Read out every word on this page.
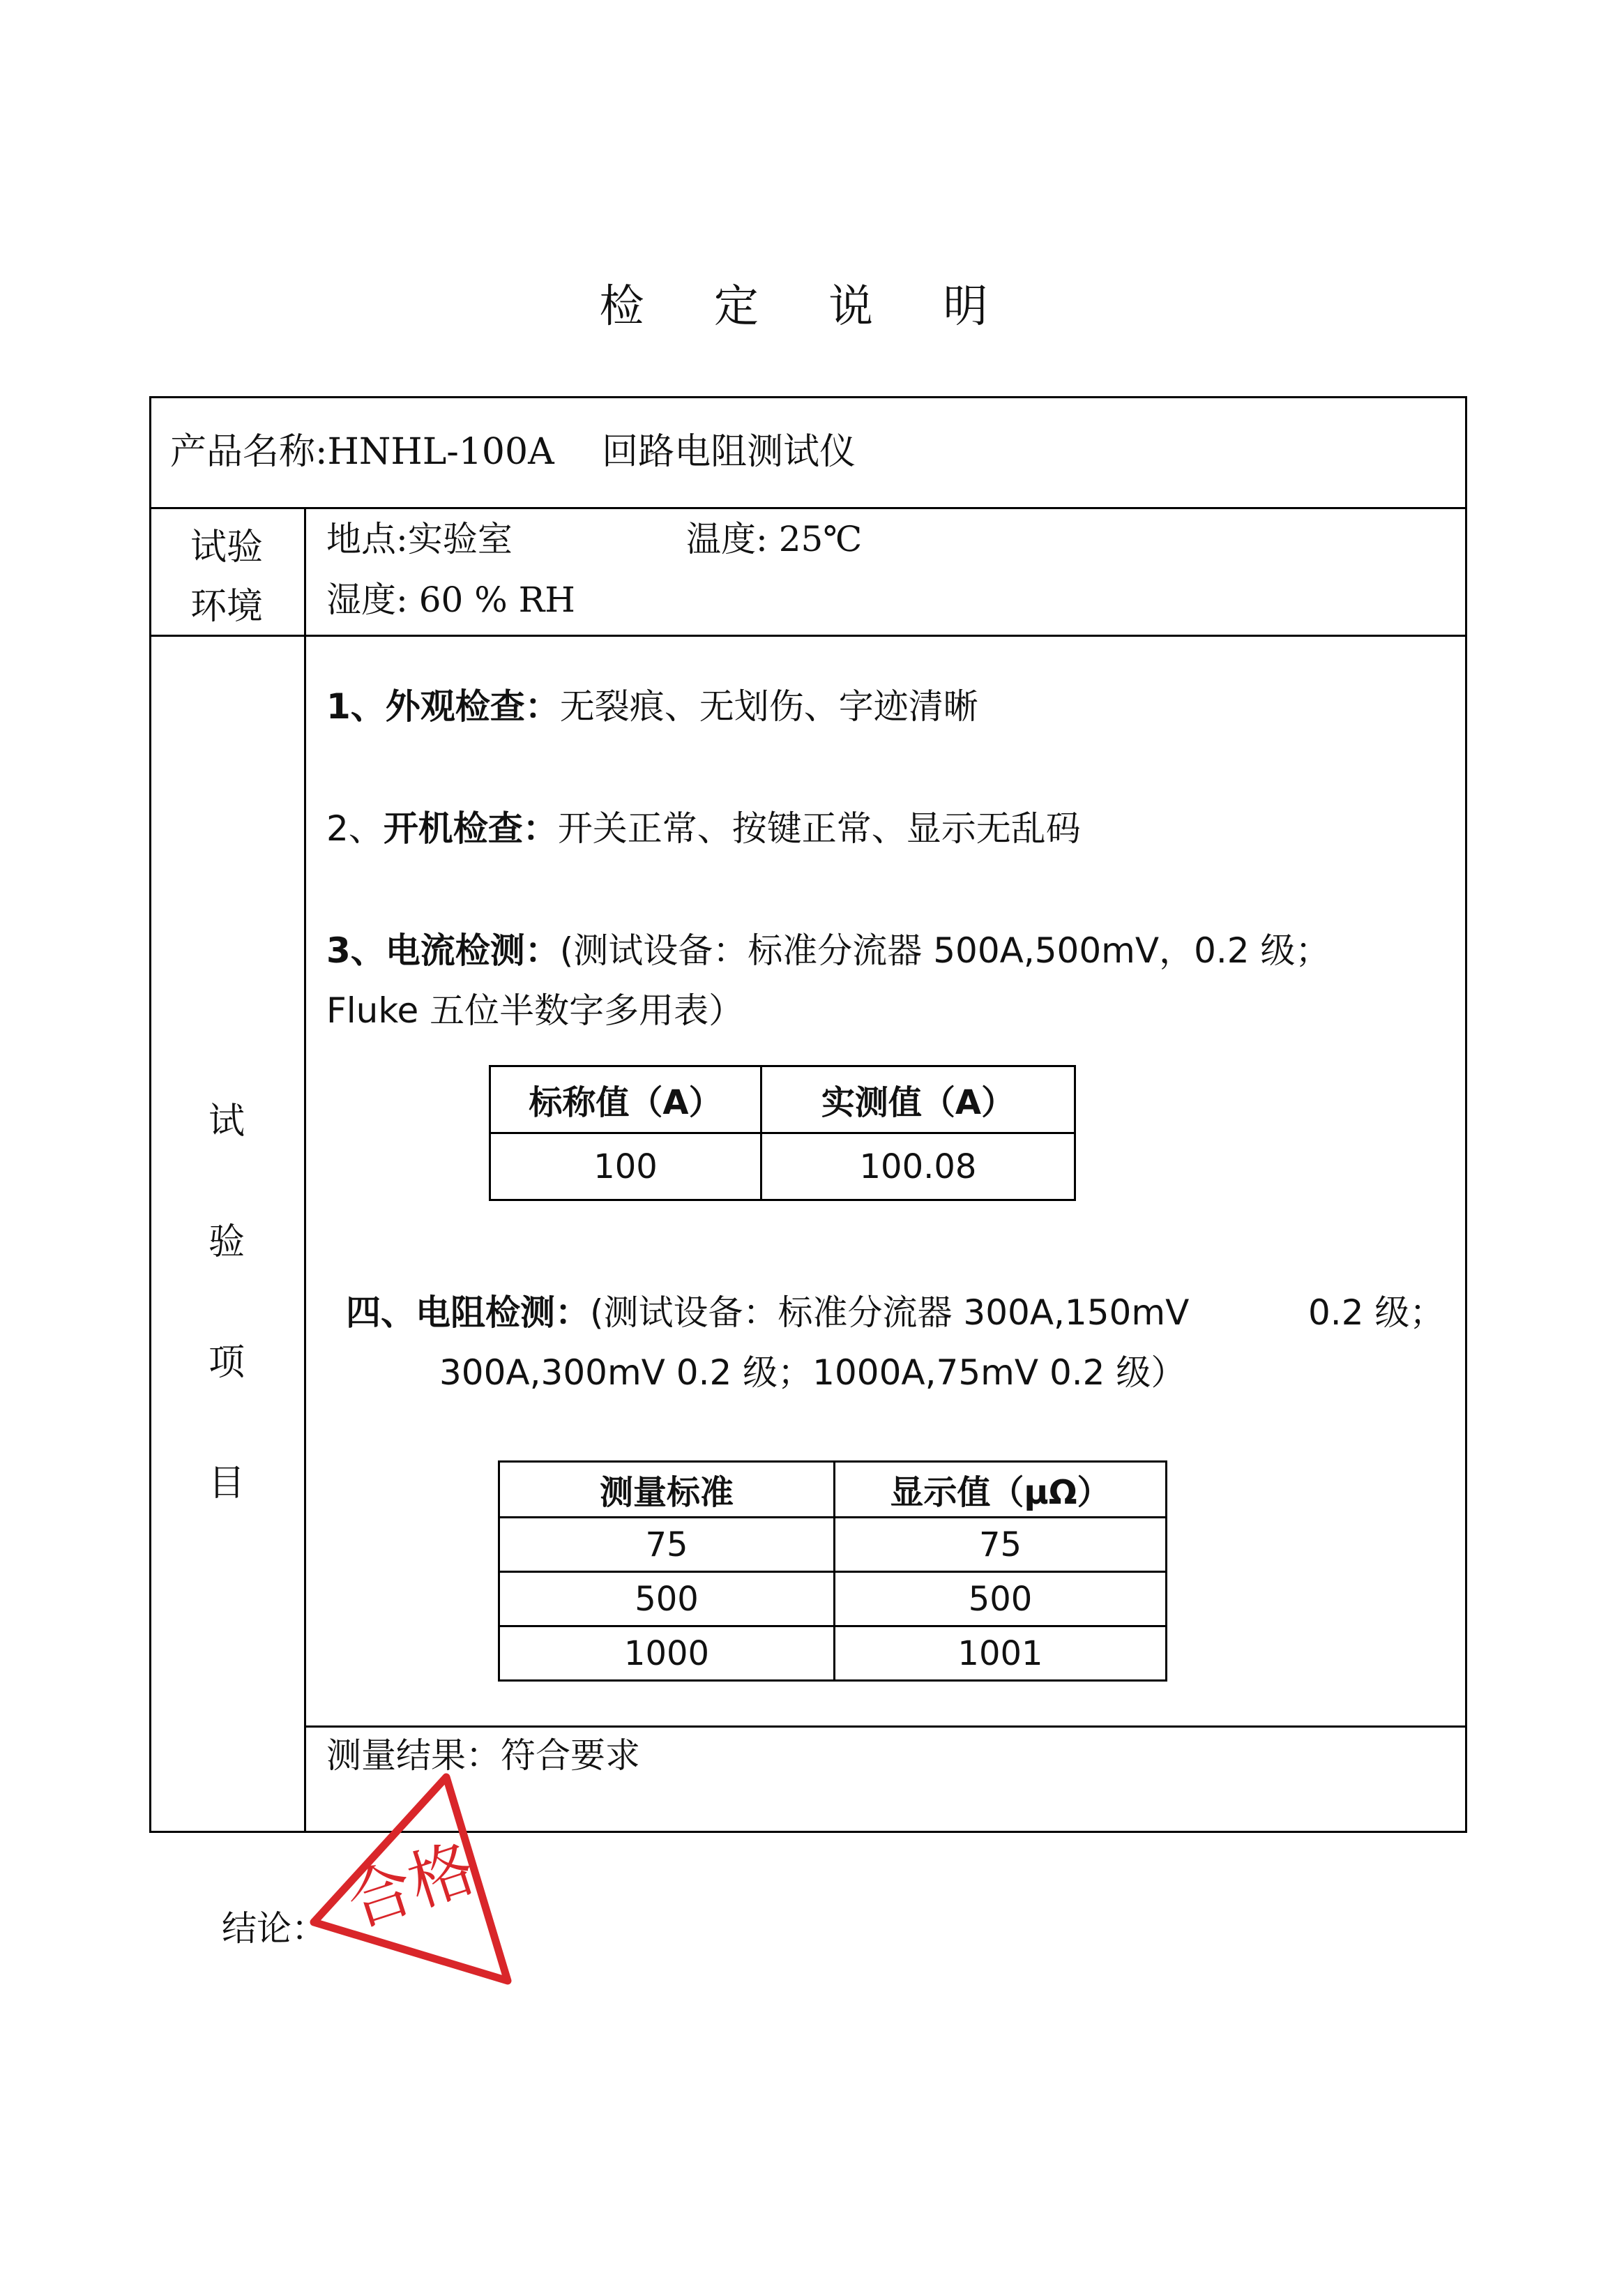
检 定 说 明
产品名称:HNHL-100A　 回路电阻测试仪
试验
环境
地点:实验室	温度: 25℃
湿度: 60 % RH
试
验
项
目
1、外观检查：无裂痕、无划伤、字迹清晰
2、开机检查：开关正常、按键正常、显示无乱码
3、电流检测：(测试设备：标准分流器 500A,500mV，0.2 级；
Fluke 五位半数字多用表）
标称值（A）	实测值（A）
100	100.08
四、电阻检测：(测试设备：标准分流器 300A,150mV	0.2 级；
300A,300mV 0.2 级；1000A,75mV 0.2 级）
测量标准	显示值（μΩ）
75	75
500	500
1000	1001
测量结果：符合要求
结论： 合格
